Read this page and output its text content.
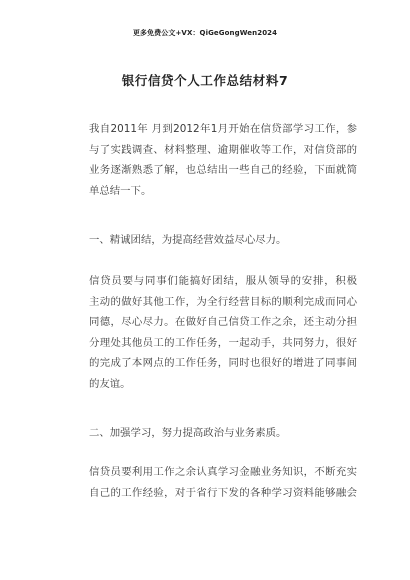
更多免费公文+VX：QiGeGongWen2024
银行信贷个人工作总结材料7
我自2011年 月到2012年1月开始在信贷部学习工作，参
与了实践调查、材料整理、逾期催收等工作，对信贷部的
业务逐渐熟悉了解，也总结出一些自己的经验，下面就简
单总结一下。
一、精诚团结，为提高经营效益尽心尽力。
信贷员要与同事们能搞好团结，服从领导的安排，积极
主动的做好其他工作，为全行经营目标的顺利完成而同心
同德，尽心尽力。在做好自己信贷工作之余，还主动分担
分理处其他员工的工作任务，一起动手，共同努力，很好
的完成了本网点的工作任务，同时也很好的增进了同事间
的友谊。
二、加强学习，努力提高政治与业务素质。
信贷员要利用工作之余认真学习金融业务知识，不断充实
自己的工作经验，对于省行下发的各种学习资料能够融会
